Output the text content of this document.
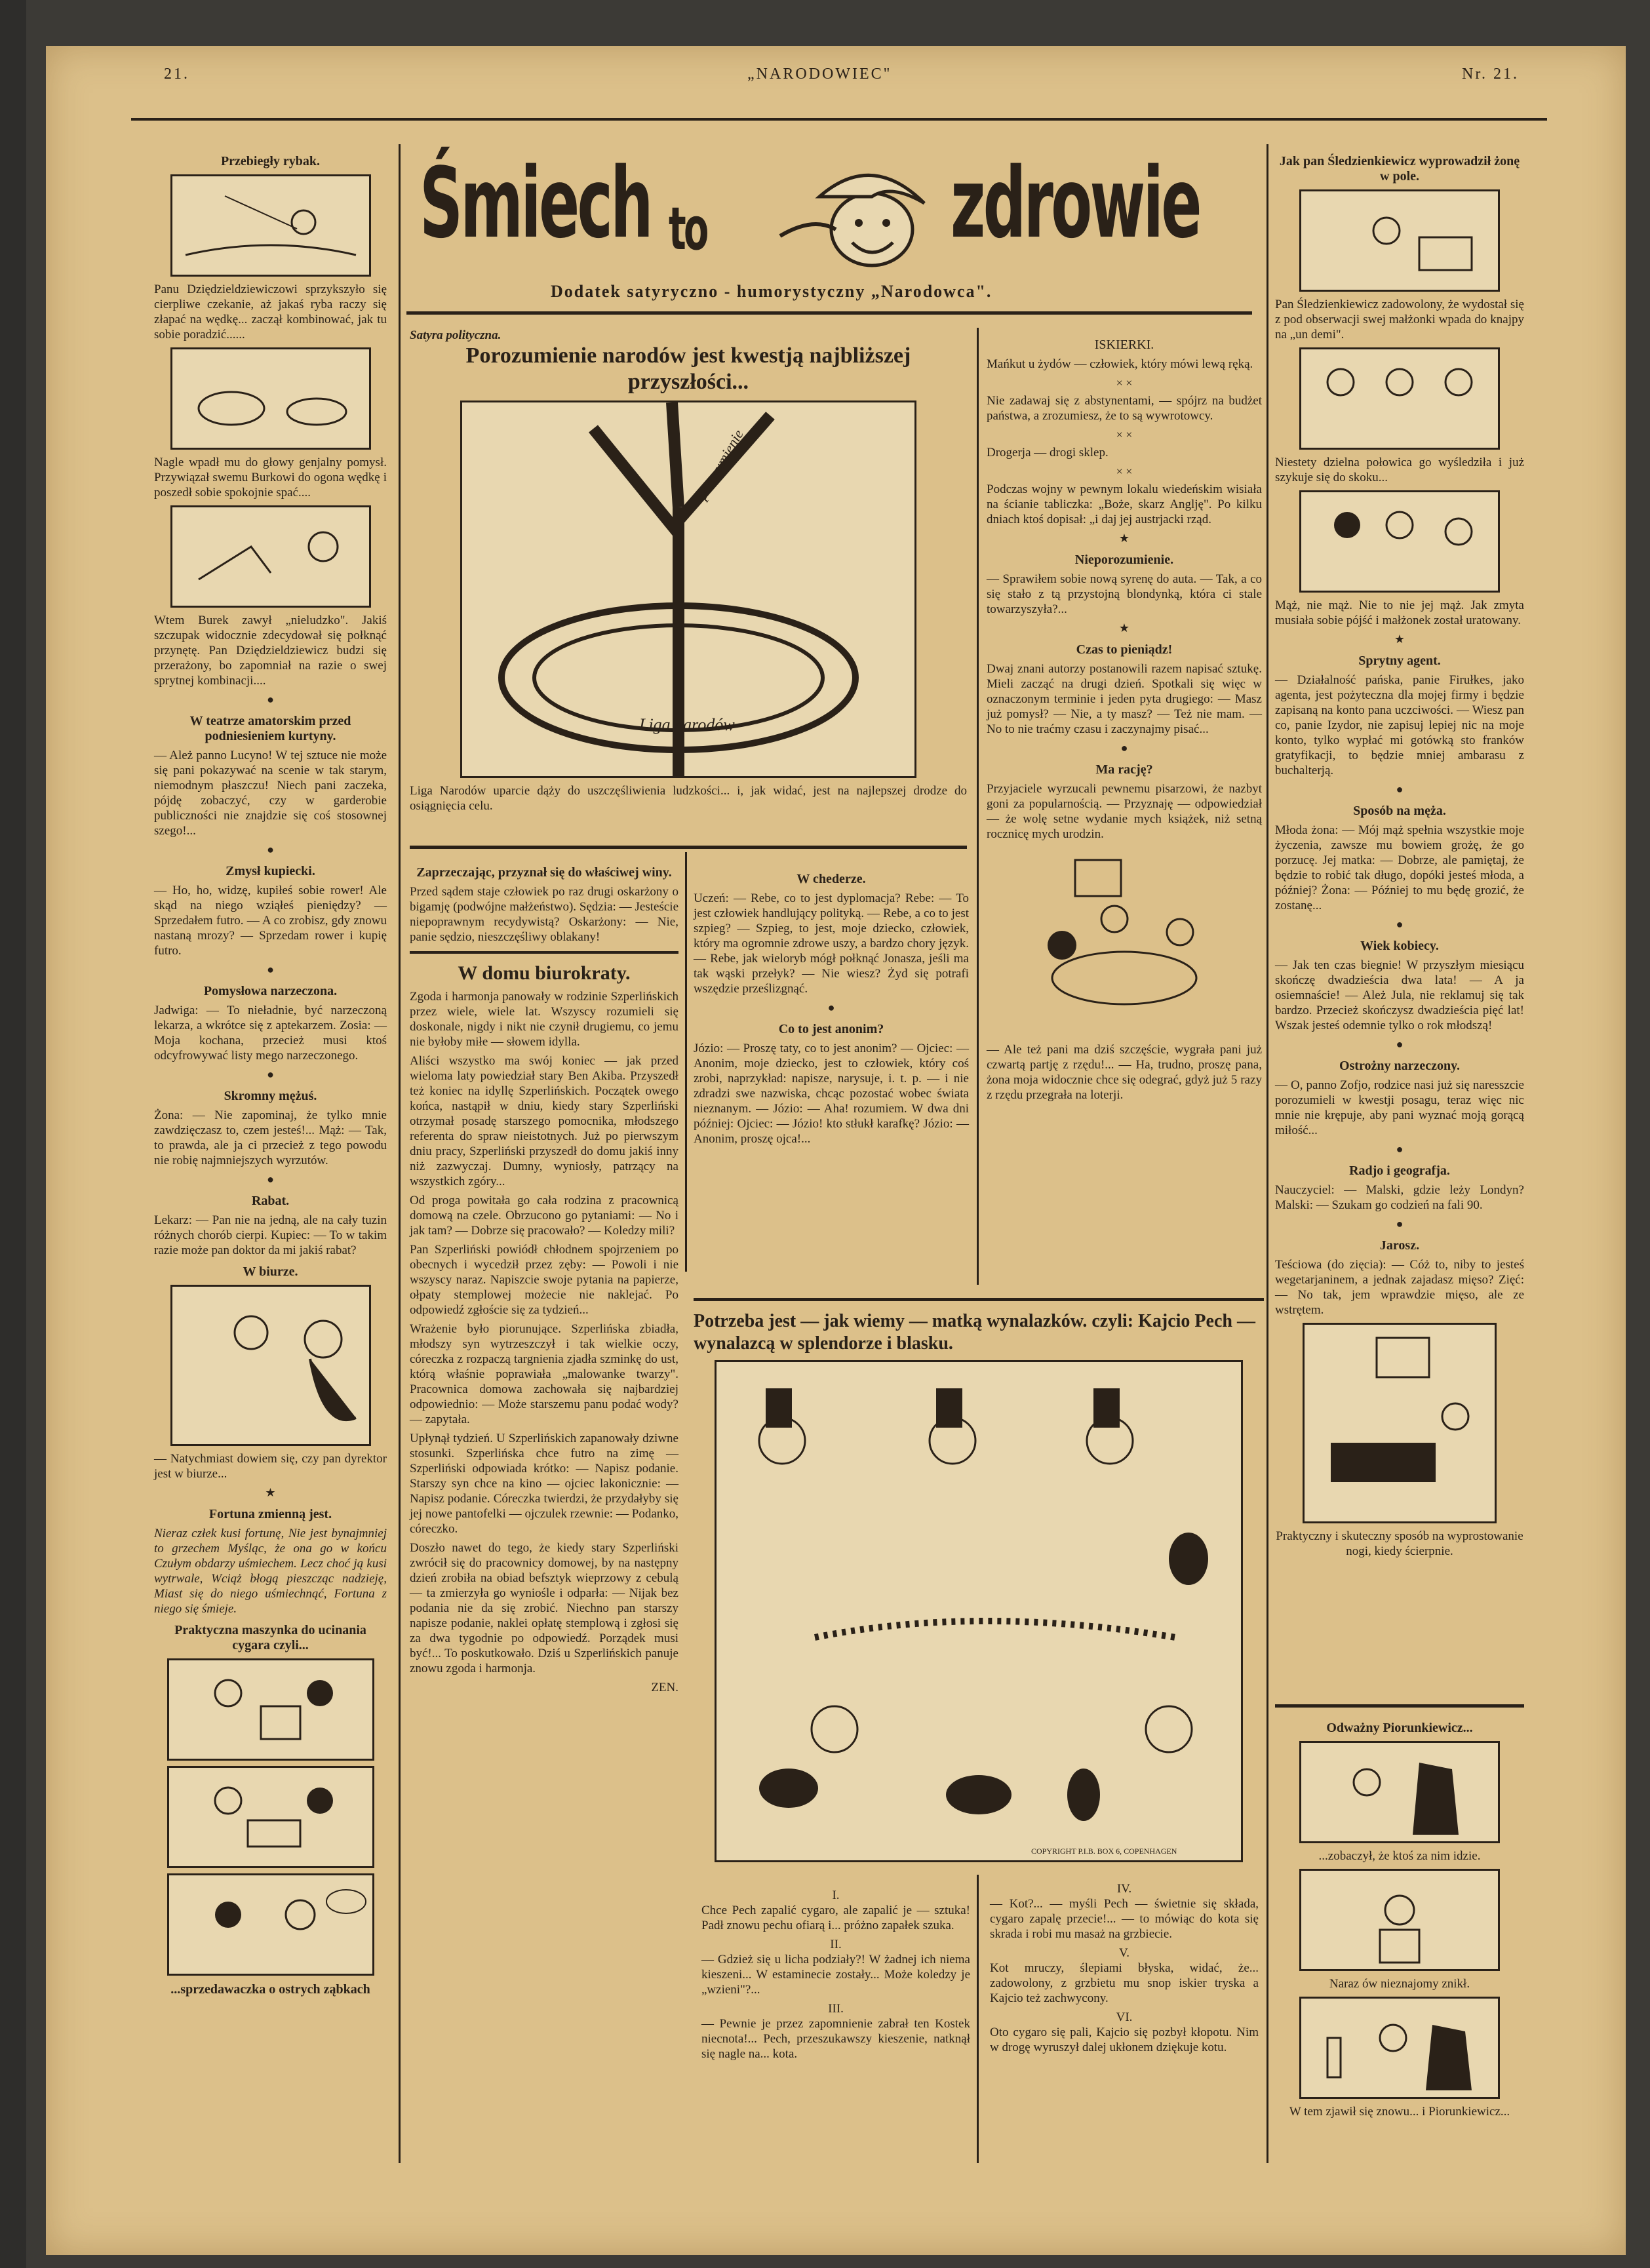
21.	„NARODOWIEC"	Nr. 21.
Śmiech to	zdrowie
Dodatek satyryczno - humorystyczny „Narodowca".
Przebiegły rybak.

Panu Dziędzieldziewiczowi sprzykszyło się cierpliwe czekanie, aż jakaś ryba raczy się złapać na wędkę... zaczął kombinować, jak tu sobie poradzić......

Nagle wpadł mu do głowy genjalny pomysł. Przywiązał swemu Burkowi do ogona wędkę i poszedł sobie spokojnie spać....

Wtem Burek zawył „nieludzko". Jakiś szczupak widocznie zdecydował się połknąć przynętę. Pan Dziędzieldziewicz budzi się przerażony, bo zapomniał na razie o swej sprytnej kombinacji....

●
W teatrze amatorskim przed podniesieniem kurtyny.

— Ależ panno Lucyno! W tej sztuce nie może się pani pokazywać na scenie w tak starym, niemodnym płaszczu! Niech pani zaczeka, pójdę zobaczyć, czy w garderobie publiczności nie znajdzie się coś stosownej szego!...

●
Zmysł kupiecki.

— Ho, ho, widzę, kupiłeś sobie rower! Ale skąd na niego wziąłeś pieniędzy? — Sprzedałem futro. — A co zrobisz, gdy znowu nastaną mrozy? — Sprzedam rower i kupię futro.

●
Pomysłowa narzeczona.

Jadwiga: — To nieładnie, być narzeczoną lekarza, a wkrótce się z aptekarzem. Zosia: — Moja kochana, przecież musi ktoś odcyfrowywać listy mego narzeczonego.

●
Skromny mężuś.

Żona: — Nie zapominaj, że tylko mnie zawdzięczasz to, czem jesteś!... Mąż: — Tak, to prawda, ale ja ci przecież z tego powodu nie robię najmniejszych wyrzutów.

●
Rabat.

Lekarz: — Pan nie na jedną, ale na cały tuzin różnych chorób cierpi. Kupiec: — To w takim razie może pan doktor da mi jakiś rabat?

W biurze.

— Natychmiast dowiem się, czy pan dyrektor jest w biurze...

★
Fortuna zmienną jest.

Nieraz człek kusi fortunę, Nie jest bynajmniej to grzechem Myśląc, że ona go w końcu Czułym obdarzy uśmiechem. Lecz choć ją kusi wytrwale, Wciąż błogą pieszcząc nadzieję, Miast się do niego uśmiechnąć, Fortuna z niego się śmieje.

Praktyczna maszynka do ucinania cygara czyli...
...sprzedawaczka o ostrych ząbkach
Satyra polityczna.
Porozumienie narodów jest kwestją najbliższej przyszłości...
porozumienie
Liga narodów

Liga Narodów uparcie dąży do uszczęśliwienia ludzkości... i, jak widać, jest na najlepszej drodze do osiągnięcia celu.

Zaprzeczając, przyznał się do właściwej winy.

Przed sądem staje człowiek po raz drugi oskarżony o bigamję (podwójne małżeństwo). Sędzia: — Jesteście niepoprawnym recydywistą? Oskarżony: — Nie, panie sędzio, nieszczęśliwy oblakany!

W domu biurokraty.

Zgoda i harmonja panowały w rodzinie Szperlińskich przez wiele, wiele lat. Wszyscy rozumieli się doskonale, nigdy i nikt nie czynił drugiemu, co jemu nie byłoby miłe — słowem idylla.

Aliści wszystko ma swój koniec — jak przed wieloma laty powiedział stary Ben Akiba. Przyszedł też koniec na idyllę Szperlińskich. Początek owego końca, nastąpił w dniu, kiedy stary Szperliński otrzymał posadę starszego pomocnika, młodszego referenta do spraw nieistotnych. Już po pierwszym dniu pracy, Szperliński przyszedł do domu jakiś inny niż zazwyczaj. Dumny, wyniosły, patrzący na wszystkich zgóry...

Od proga powitała go cała rodzina z pracownicą domową na czele. Obrzucono go pytaniami: — No i jak tam? — Dobrze się pracowało? — Koledzy mili?

Pan Szperliński powiódł chłodnem spojrzeniem po obecnych i wycedził przez zęby: — Powoli i nie wszyscy naraz. Napiszcie swoje pytania na papierze, ołpaty stemplowej możecie nie naklejać. Po odpowiedź zgłoście się za tydzień...

Wrażenie było piorunujące. Szperlińska zbiadła, młodszy syn wytrzeszczył i tak wielkie oczy, córeczka z rozpaczą targnienia zjadła szminkę do ust, którą właśnie poprawiała „malowanke twarzy". Pracownica domowa zachowała się najbardziej odpowiednio: — Może starszemu panu podać wody? — zapytała.

Upłynął tydzień. U Szperlińskich zapanowały dziwne stosunki. Szperlińska chce futro na zimę — Szperliński odpowiada krótko: — Napisz podanie. Starszy syn chce na kino — ojciec lakonicznie: — Napisz podanie. Córeczka twierdzi, że przydałyby się jej nowe pantofelki — ojczulek rzewnie: — Podanko, córeczko.

Doszło nawet do tego, że kiedy stary Szperliński zwrócił się do pracownicy domowej, by na następny dzień zrobiła na obiad befsztyk wieprzowy z cebulą — ta zmierzyła go wyniośle i odparła: — Nijak bez podania nie da się zrobić. Niechno pan starszy napisze podanie, naklei opłatę stemplową i zgłosi się za dwa tygodnie po odpowiedź. Porządek musi być!... To poskutkowało. Dziś u Szperlińskich panuje znowu zgoda i harmonja.

ZEN.
W chederze.

Uczeń: — Rebe, co to jest dyplomacja? Rebe: — To jest człowiek handlujący polityką. — Rebe, a co to jest szpieg? — Szpieg, to jest, moje dziecko, człowiek, który ma ogromnie zdrowe uszy, a bardzo chory język. — Rebe, jak wieloryb mógł połknąć Jonasza, jeśli ma tak wąski przełyk? — Nie wiesz? Żyd się potrafi wszędzie prześlizgnąć.

●
Co to jest anonim?

Józio: — Proszę taty, co to jest anonim? — Ojciec: — Anonim, moje dziecko, jest to człowiek, który coś zrobi, naprzykład: napisze, narysuje, i. t. p. — i nie zdradzi swe nazwiska, chcąc pozostać wobec świata nieznanym. — Józio: — Aha! rozumiem. W dwa dni później: Ojciec: — Józio! kto stłukł karafkę? Józio: — Anonim, proszę ojca!...

ISKIERKI.

Mańkut u żydów — człowiek, który mówi lewą ręką.

× ×

Nie zadawaj się z abstynentami, — spójrz na budżet państwa, a zrozumiesz, że to są wywrotowcy.

× ×

Drogerja — drogi sklep.

× ×

Podczas wojny w pewnym lokalu wiedeńskim wisiała na ścianie tabliczka: „Boże, skarz Anglję". Po kilku dniach ktoś dopisał: „i daj jej austrjacki rząd.

★
Nieporozumienie.

— Sprawiłem sobie nową syrenę do auta. — Tak, a co się stało z tą przystojną blondynką, która ci stale towarzyszyła?...

★
Czas to pieniądz!

Dwaj znani autorzy postanowili razem napisać sztukę. Mieli zacząć na drugi dzień. Spotkali się więc w oznaczonym terminie i jeden pyta drugiego: — Masz już pomysł? — Nie, a ty masz? — Też nie mam. — No to nie traćmy czasu i zaczynajmy pisać...

●
Ma rację?

Przyjaciele wyrzucali pewnemu pisarzowi, że nazbyt goni za popularnością. — Przyznaję — odpowiedział — że wolę setne wydanie mych książek, niż setną rocznicę mych urodzin.

— Ale też pani ma dziś szczęście, wygrała pani już czwartą partję z rzędu!... — Ha, trudno, proszę pana, żona moja widocznie chce się odegrać, gdyż już 5 razy z rzędu przegrała na loterji.

Potrzeba jest — jak wiemy — matką wynalazków. czyli: Kajcio Pech — wynalazcą w splendorze i blasku.
COPYRIGHT P.I.B. BOX 6, COPENHAGEN
I.

Chce Pech zapalić cygaro, ale zapalić je — sztuka! Padł znowu pechu ofiarą i... próżno zapałek szuka.

II.

— Gdzież się u licha podziały?! W żadnej ich niema kieszeni... W estaminecie zostały... Może koledzy je „wzieni"?...

III.

— Pewnie je przez zapomnienie zabrał ten Kostek niecnota!... Pech, przeszukawszy kieszenie, natknął się nagle na... kota.

IV.

— Kot?... — myśli Pech — świetnie się składa, cygaro zapalę przecie!... — to mówiąc do kota się skrada i robi mu masaż na grzbiecie.

V.

Kot mruczy, ślepiami błyska, widać, że... zadowolony, z grzbietu mu snop iskier tryska a Kajcio też zachwycony.

VI.

Oto cygaro się pali, Kajcio się pozbył kłopotu. Nim w drogę wyruszył dalej ukłonem dziękuje kotu.

Jak pan Śledzienkiewicz wyprowadził żonę w pole.

Pan Śledzienkiewicz zadowolony, że wydostał się z pod obserwacji swej małżonki wpada do knajpy na „un demi".

Niestety dzielna połowica go wyśledziła i już szykuje się do skoku...

Mąż, nie mąż. Nie to nie jej mąż. Jak zmyta musiała sobie pójść i małżonek został uratowany.

★
Sprytny agent.

— Działalność pańska, panie Firułkes, jako agenta, jest pożyteczna dla mojej firmy i będzie zapisaną na konto pana uczciwości. — Wiesz pan co, panie Izydor, nie zapisuj lepiej nic na moje konto, tylko wypłać mi gotówką sto franków gratyfikacji, to będzie mniej ambarasu z buchalterją.

●
Sposób na męża.

Młoda żona: — Mój mąż spełnia wszystkie moje życzenia, zawsze mu bowiem grożę, że go porzucę. Jej matka: — Dobrze, ale pamiętaj, że będzie to robić tak długo, dopóki jesteś młoda, a później? Żona: — Później to mu będę grozić, że zostanę...

●
Wiek kobiecy.

— Jak ten czas biegnie! W przyszłym miesiącu skończę dwadzieścia dwa lata! — A ja osiemnaście! — Ależ Jula, nie reklamuj się tak bardzo. Przecież skończysz dwadzieścia pięć lat! Wszak jesteś odemnie tylko o rok młodszą!

●
Ostrożny narzeczony.

— O, panno Zofjo, rodzice nasi już się naresszcie porozumieli w kwestji posagu, teraz więc nic mnie nie krępuje, aby pani wyznać moją gorącą miłość...

●
Radjo i geografja.

Nauczyciel: — Malski, gdzie leży Londyn? Malski: — Szukam go codzień na fali 90.

●
Jarosz.

Teściowa (do zięcia): — Cóż to, niby to jesteś wegetarjaninem, a jednak zajadasz mięso? Zięć: — No tak, jem wprawdzie mięso, ale ze wstrętem.

Praktyczny i skuteczny sposób na wyprostowanie nogi, kiedy ścierpnie.

Odważny Piorunkiewicz...

...zobaczył, że ktoś za nim idzie.

Naraz ów nieznajomy znikł.

W tem zjawił się znowu... i Piorunkiewicz...
